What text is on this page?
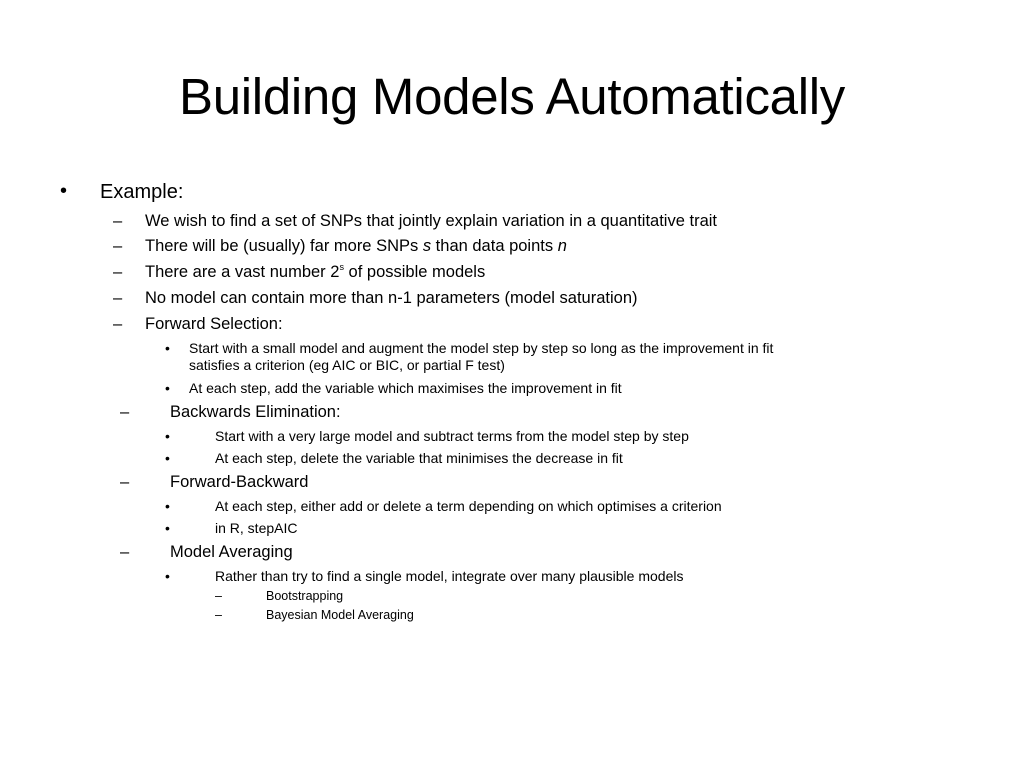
Building Models Automatically
• Example:
– We wish to find a set of SNPs that jointly explain variation in a quantitative trait
– There will be (usually) far more SNPs s than data points n
– There are a vast number 2$^s$ of possible models
– No model can contain more than n-1 parameters (model saturation)
– Forward Selection:
• Start with a small model and augment the model step by step so long as the improvement in fit
satisfies a criterion (eg AIC or BIC, or partial F test)
• At each step, add the variable which maximises the improvement in fit
– Backwards Elimination:
•	Start with a very large model and subtract terms from the model step by step
•	At each step, delete the variable that minimises the decrease in fit
– Forward-Backward
•	At each step, either add or delete a term depending on which optimises a criterion
•	in R, stepAIC
– Model Averaging
•	Rather than try to find a single model, integrate over many plausible models
–	Bootstrapping
–	Bayesian Model Averaging
